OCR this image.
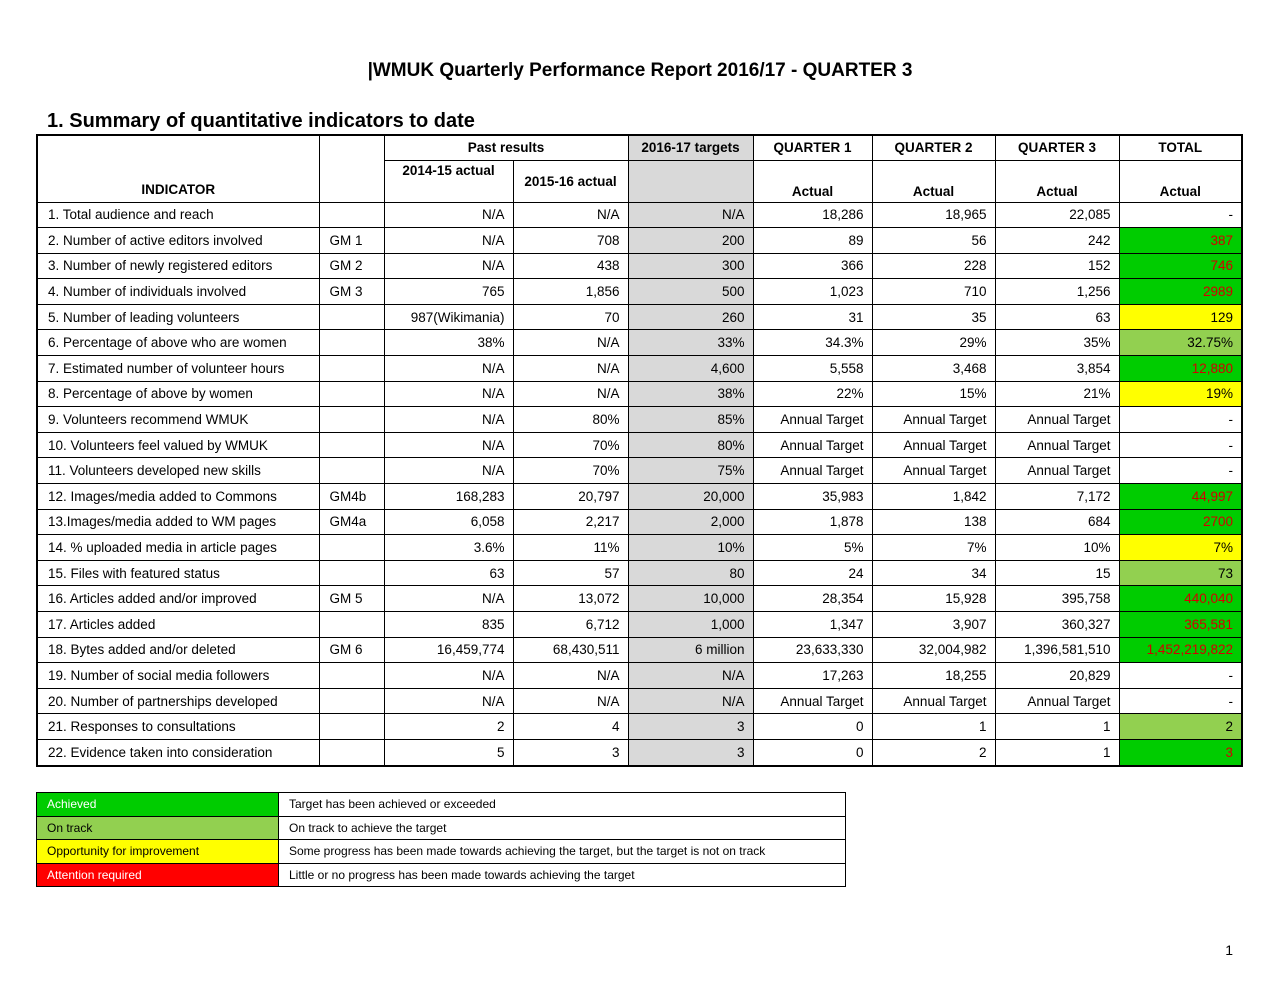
|WMUK Quarterly Performance Report 2016/17 - QUARTER 3
1. Summary of quantitative indicators to date
INDICATOR		Past results		2016-17 targets	QUARTER 1	QUARTER 2	QUARTER 3	TOTAL
		2014-15 actual	2015-16 actual		Actual	Actual	Actual	Actual
1. Total audience and reach		N/A	N/A	N/A	18,286	18,965	22,085	-
2. Number of active editors involved	GM 1	N/A	708	200	89	56	242	387
3. Number of newly registered editors	GM 2	N/A	438	300	366	228	152	746
4. Number of individuals involved	GM 3	765	1,856	500	1,023	710	1,256	2989
5. Number of leading volunteers		987(Wikimania)	70	260	31	35	63	129
6. Percentage of above who are women		38%	N/A	33%	34.3%	29%	35%	32.75%
7. Estimated number of volunteer hours		N/A	N/A	4,600	5,558	3,468	3,854	12,880
8. Percentage of above by women		N/A	N/A	38%	22%	15%	21%	19%
9. Volunteers recommend WMUK		N/A	80%	85%	Annual Target	Annual Target	Annual Target	-
10. Volunteers feel valued by WMUK		N/A	70%	80%	Annual Target	Annual Target	Annual Target	-
11. Volunteers developed new skills		N/A	70%	75%	Annual Target	Annual Target	Annual Target	-
12. Images/media added to Commons	GM4b	168,283	20,797	20,000	35,983	1,842	7,172	44,997
13.Images/media added to WM pages	GM4a	6,058	2,217	2,000	1,878	138	684	2700
14. % uploaded media in article pages		3.6%	11%	10%	5%	7%	10%	7%
15. Files with featured status		63	57	80	24	34	15	73
16. Articles added and/or improved	GM 5	N/A	13,072	10,000	28,354	15,928	395,758	440,040
17. Articles added		835	6,712	1,000	1,347	3,907	360,327	365,581
18. Bytes added and/or deleted	GM 6	16,459,774	68,430,511	6 million	23,633,330	32,004,982	1,396,581,510	1,452,219,822
19. Number of social media followers		N/A	N/A	N/A	17,263	18,255	20,829	-
20. Number of partnerships developed		N/A	N/A	N/A	Annual Target	Annual Target	Annual Target	-
21. Responses to consultations		2	4	3	0	1	1	2
22. Evidence taken into consideration		5	3	3	0	2	1	3
Achieved	Target has been achieved or exceeded
On track	On track to achieve the target
Opportunity for improvement	Some progress has been made towards achieving the target, but the target is not on track
Attention required	Little or no progress has been made towards achieving the target
1
